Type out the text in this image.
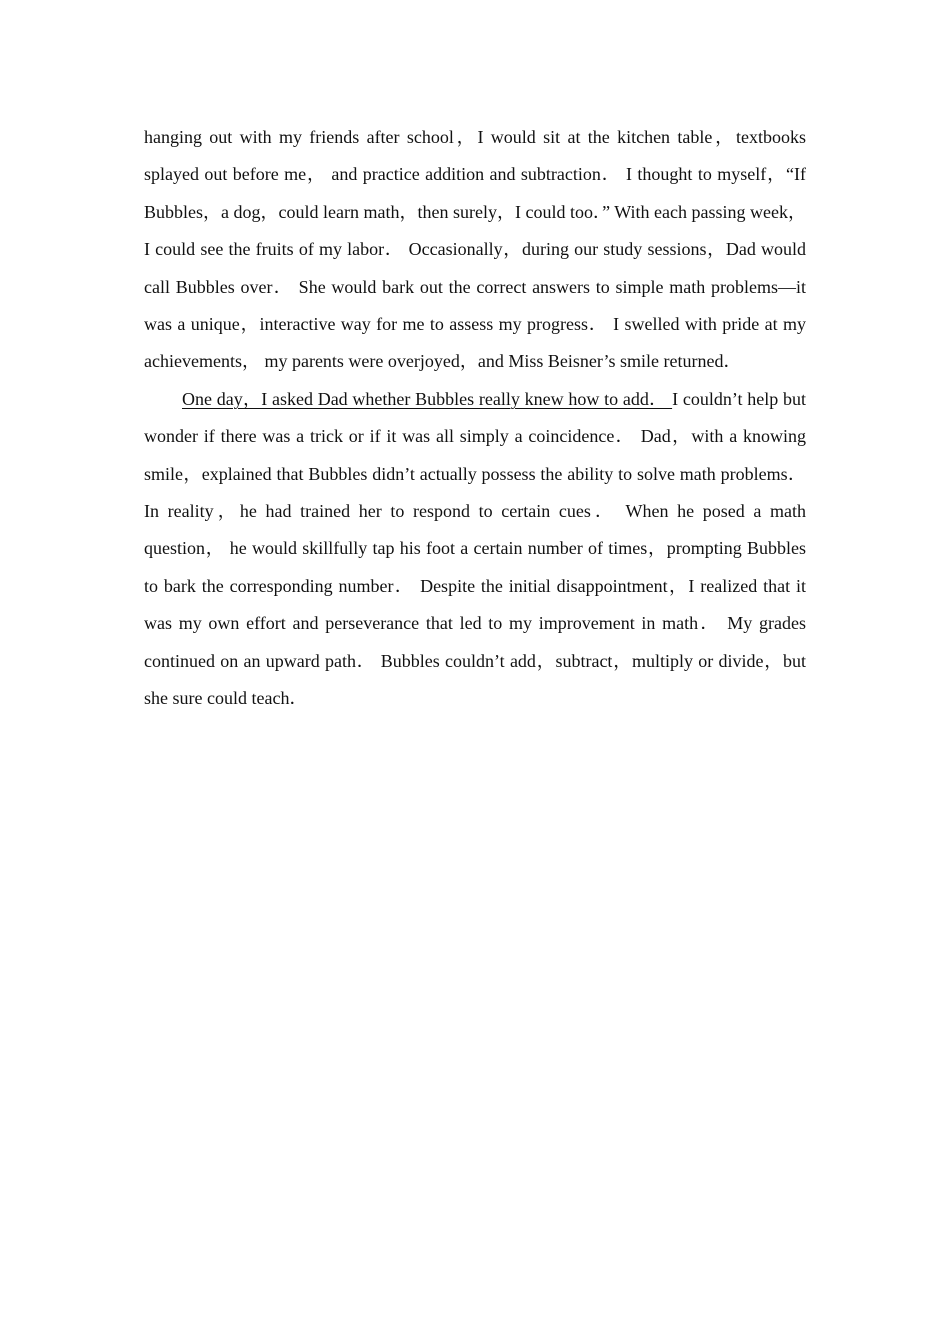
hanging out with my friends after school，I would sit at the kitchen table，textbooks splayed out before me， and practice addition and subtraction． I thought to myself，“If Bubbles，a dog，could learn math，then surely，I could too．” With each passing week，I could see the fruits of my labor． Occasionally，during our study sessions，Dad would call Bubbles over． She would bark out the correct answers to simple math problems—it was a unique，interactive way for me to assess my progress． I swelled with pride at my achievements， my parents were overjoyed，and Miss Beisner’s smile returned．

One day，I asked Dad whether Bubbles really knew how to add． I couldn’t help but wonder if there was a trick or if it was all simply a coincidence． Dad，with a knowing smile，explained that Bubbles didn’t actually possess the ability to solve math problems． In reality，he had trained her to respond to certain cues． When he posed a math question， he would skillfully tap his foot a certain number of times，prompting Bubbles to bark the corresponding number． Despite the initial disappointment，I realized that it was my own effort and perseverance that led to my improvement in math． My grades continued on an upward path． Bubbles couldn’t add，subtract，multiply or divide，but she sure could teach．
